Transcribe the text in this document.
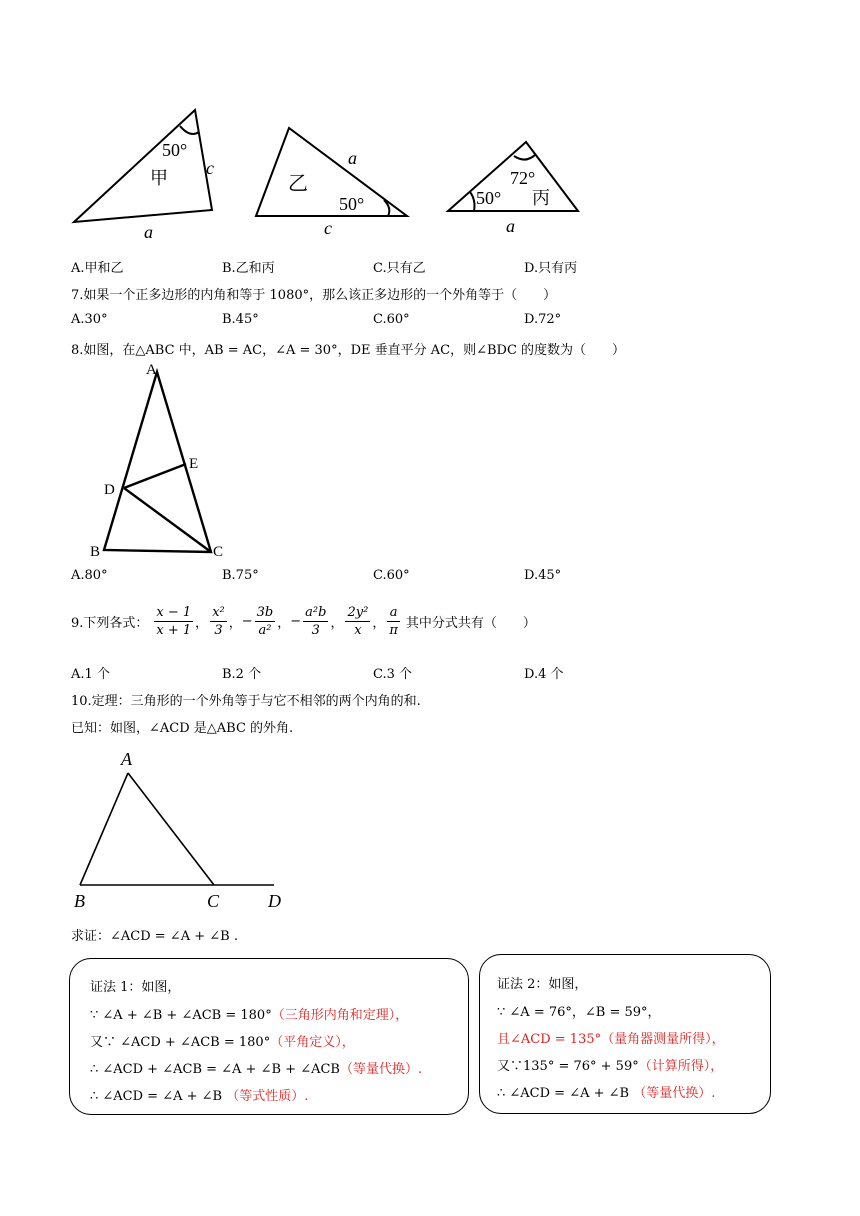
50°
c
甲
a
乙
a
50°
c
72°
50° 丙
a
A.甲和乙	B.乙和丙	C.只有乙	D.只有丙
7.如果一个正多边形的内角和等于 1080°，那么该正多边形的一个外角等于（　　）
A.30°	B.45°	C.60°	D.72°
8.如图，在△ABC 中，AB = AC，∠A = 30°，DE 垂直平分 AC，则∠BDC 的度数为（　　）
A
E
D
B	C
A.80°	B.75°	C.60°	D.45°
9.下列各式： $\frac{x - 1}{x + 1}$ ， $\frac{\text{x²}}{3}$ ， − $\frac{3b}{\text{a²}}$ ， − $\frac{\text{a²b}}{3}$ ， $\frac{\text{2y²}}{x}$ ， $\frac{a}{\pi}$ 其中分式共有（　　）
A.1 个	B.2 个	C.3 个	D.4 个
10.定理：三角形的一个外角等于与它不相邻的两个内角的和.
已知：如图，∠ACD 是△ABC 的外角.
A
B	C	D
求证：∠ACD = ∠A + ∠B .
证法 1：如图，
∵ ∠A + ∠B + ∠ACB = 180°（三角形内角和定理），
又∵ ∠ACD + ∠ACB = 180°（平角定义），
∴ ∠ACD + ∠ACB = ∠A + ∠B + ∠ACB（等量代换）.
∴ ∠ACD = ∠A + ∠B （等式性质）.
证法 2：如图，
∵ ∠A = 76°，∠B = 59°，
且∠ACD = 135°（量角器测量所得），
又∵135° = 76° + 59°（计算所得），
∴ ∠ACD = ∠A + ∠B （等量代换）.
